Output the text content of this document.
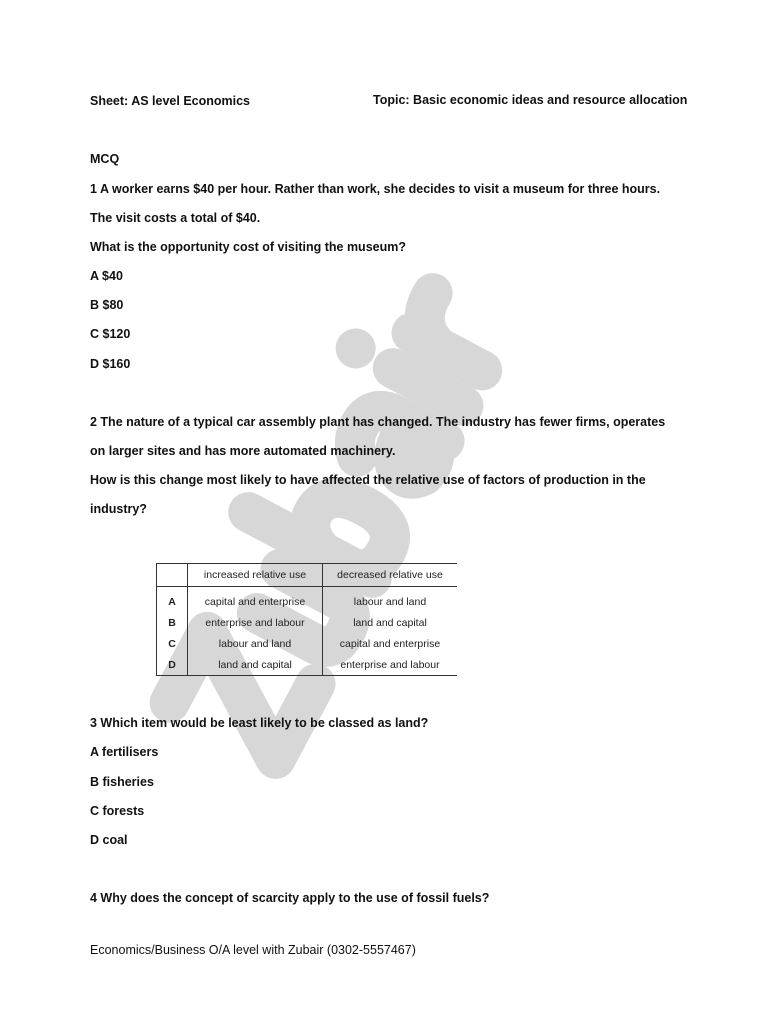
Sheet: AS level Economics	Topic: Basic economic ideas and resource allocation
MCQ
1 A worker earns $40 per hour. Rather than work, she decides to visit a museum for three hours.
The visit costs a total of $40.
What is the opportunity cost of visiting the museum?
A $40
B $80
C $120
D $160
2 The nature of a typical car assembly plant has changed. The industry has fewer firms, operates
on larger sites and has more automated machinery.
How is this change most likely to have affected the relative use of factors of production in the
industry?
	increased relative use	decreased relative use
A	capital and enterprise	labour and land
B	enterprise and labour	land and capital
C	labour and land	capital and enterprise
D	land and capital	enterprise and labour
3 Which item would be least likely to be classed as land?
A fertilisers
B fisheries
C forests
D coal
4 Why does the concept of scarcity apply to the use of fossil fuels?
Economics/Business O/A level with Zubair (0302-5557467)
